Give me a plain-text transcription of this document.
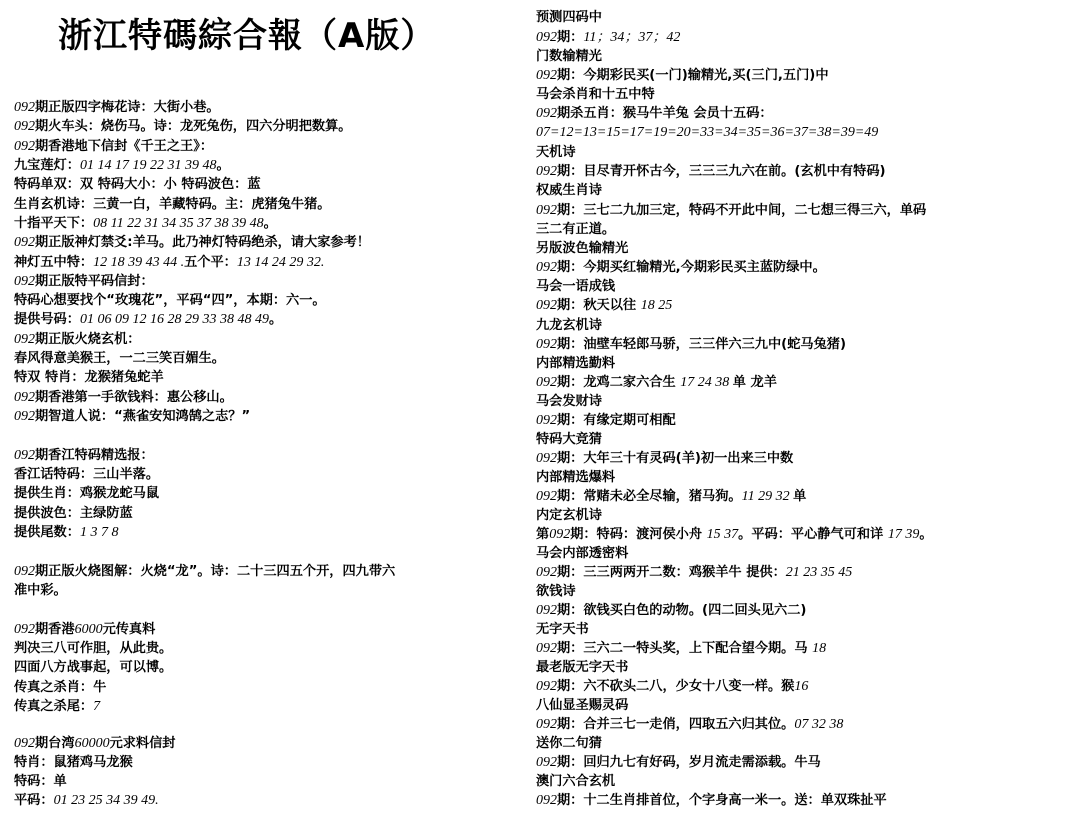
浙江特碼綜合報（A版）
092期正版四字梅花诗：大街小巷。
092期火车头：烧伤马。诗：龙死兔伤，四六分明把数算。
092期香港地下信封《千王之王》：
九宝莲灯：01 14 17 19 22 31 39 48。
特码单双：双 特码大小：小 特码波色：蓝
生肖玄机诗：三黄一白，羊藏特码。主：虎猪兔牛猪。
十指平天下：08 11 22 31 34 35 37 38 39 48。
092期正版神灯禁爻:羊马。此乃神灯特码绝杀，请大家参考！
神灯五中特：12 18 39 43 44 .五个平：13 14 24 29 32.
092期正版特平码信封：
特码心想要找个“玫瑰花”，平码“四”，本期：六一。
提供号码：01 06 09 12 16 28 29 33 38 48 49。
092期正版火烧玄机：
春风得意美猴王，一二三笑百媚生。
特双 特肖：龙猴猪兔蛇羊
092期香港第一手欲钱料：惠公移山。
092期智道人说：“燕雀安知鸿鹄之志？”
092期香江特码精选报：
香江话特码：三山半落。
提供生肖：鸡猴龙蛇马鼠
提供波色：主绿防蓝
提供尾数：1 3 7 8
092期正版火烧图解：火烧“龙”。诗：二十三四五个开，四九带六
准中彩。
092期香港6000元传真料
判决三八可作胆，从此贵。
四面八方战事起，可以博。
传真之杀肖：牛
传真之杀尾：7
092期台湾60000元求料信封
特肖：鼠猪鸡马龙猴
特码：单
平码：01 23 25 34 39 49.
预测四码中
092期：11；34；37；42
门数输精光
092期：今期彩民买(一门)输精光,买(三门,五门)中
马会杀肖和十五中特
092期杀五肖：猴马牛羊兔 会员十五码：
07=12=13=15=17=19=20=33=34=35=36=37=38=39=49
天机诗
092期：目尽青开怀古今，三三三九六在前。(玄机中有特码)
权威生肖诗
092期：三七二九加三定，特码不开此中间，二七想三得三六，单码
三二有正道。
另版波色输精光
092期：今期买红输精光,今期彩民买主蓝防绿中。
马会一语成钱
092期：秋天以往 18 25
九龙玄机诗
092期：油壁车轻郎马骄，三三伴六三九中(蛇马兔猪)
内部精选勤料
092期：龙鸡二家六合生 17 24 38 单 龙羊
马会发财诗
092期：有缘定期可相配
特码大竞猜
092期：大年三十有灵码(羊)初一出来三中数
内部精选爆料
092期：常赌未必全尽输，猪马狗。11 29 32 单
内定玄机诗
第092期：特码：渡河侯小舟 15 37。平码：平心静气可和详 17 39。
马会内部透密料
092期：三三两两开二数：鸡猴羊牛 提供：21 23 35 45
欲钱诗
092期：欲钱买白色的动物。(四二回头见六二)
无字天书
092期：三六二一特头奖，上下配合望今期。马 18
最老版无字天书
092期：六不砍头二八，少女十八变一样。猴16
八仙显圣赐灵码
092期：合并三七一走俏，四取五六归其位。07 32 38
送你二句猜
092期：回归九七有好码，岁月流走需添载。牛马
澳门六合玄机
092期：十二生肖排首位，个字身高一米一。送：单双珠扯平
